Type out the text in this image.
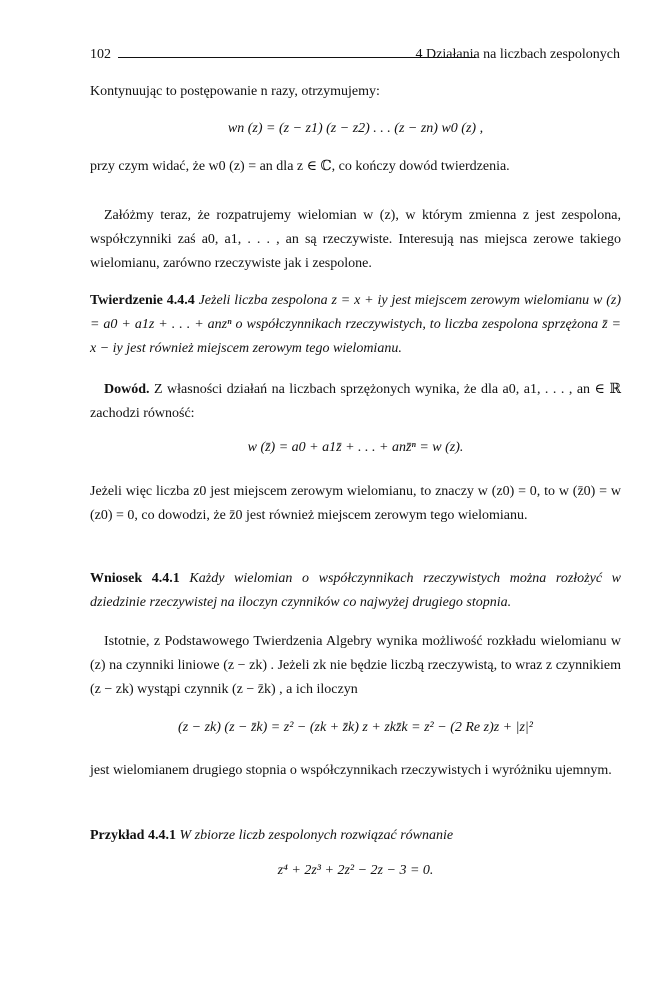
102	4 Działania na liczbach zespolonych

Kontynuując to postępowanie n razy, otrzymujemy:

wn (z) = (z − z1) (z − z2) . . . (z − zn) w0 (z) ,

przy czym widać, że w0 (z) = an dla z ∈ ℂ, co kończy dowód twierdzenia.

Załóżmy teraz, że rozpatrujemy wielomian w (z), w którym zmienna z jest zespolona, współczynniki zaś a0, a1, . . . , an są rzeczywiste. Interesują nas miejsca zerowe takiego wielomianu, zarówno rzeczywiste jak i zespolone.

Twierdzenie 4.4.4 Jeżeli liczba zespolona z = x + iy jest miejscem zerowym wielomianu w (z) = a0 + a1z + . . . + anzⁿ o współczynnikach rzeczywistych, to liczba zespolona sprzężona z̄ = x − iy jest również miejscem zerowym tego wielomianu.

Dowód. Z własności działań na liczbach sprzężonych wynika, że dla a0, a1, . . . , an ∈ ℝ zachodzi równość:

w (z̄) = a0 + a1z̄ + . . . + anz̄ⁿ = w (z).

Jeżeli więc liczba z0 jest miejscem zerowym wielomianu, to znaczy w (z0) = 0, to w (z̄0) = w (z0) = 0, co dowodzi, że z̄0 jest również miejscem zerowym tego wielomianu.

Wniosek 4.4.1 Każdy wielomian o współczynnikach rzeczywistych można rozłożyć w dziedzinie rzeczywistej na iloczyn czynników co najwyżej drugiego stopnia.

Istotnie, z Podstawowego Twierdzenia Algebry wynika możliwość rozkładu wielomianu w (z) na czynniki liniowe (z − zk) . Jeżeli zk nie będzie liczbą rzeczywistą, to wraz z czynnikiem (z − zk) wystąpi czynnik (z − z̄k) , a ich iloczyn

(z − zk) (z − z̄k) = z² − (zk + z̄k) z + zkz̄k = z² − (2 Re z)z + |z|²

jest wielomianem drugiego stopnia o współczynnikach rzeczywistych i wyróżniku ujemnym.

Przykład 4.4.1 W zbiorze liczb zespolonych rozwiązać równanie

z⁴ + 2z³ + 2z² − 2z − 3 = 0.
